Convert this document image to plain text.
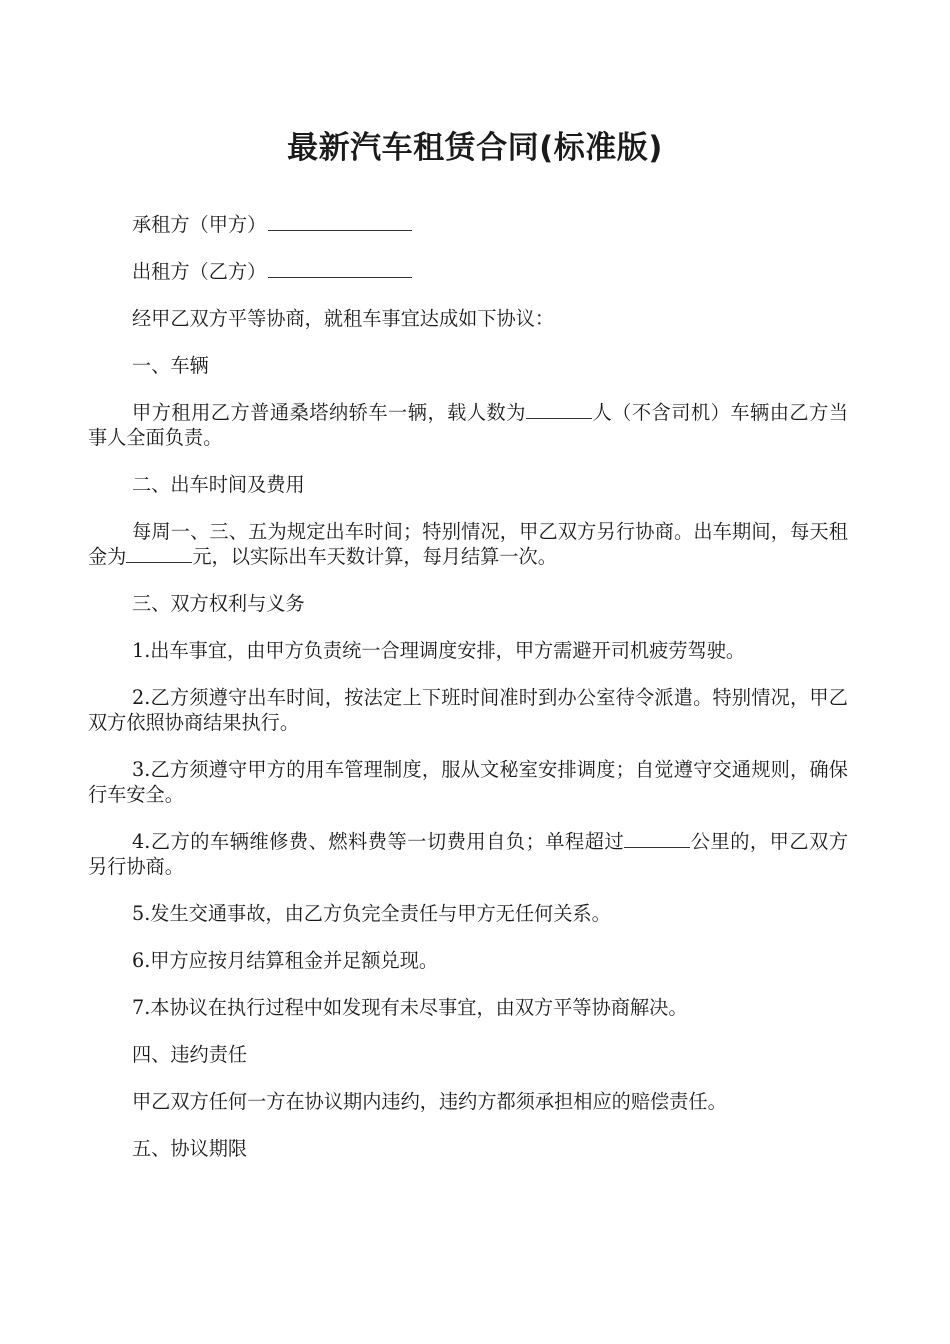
最新汽车租赁合同(标准版)

承租方（甲方）

出租方（乙方）

经甲乙双方平等协商，就租车事宜达成如下协议：

一、车辆

甲方租用乙方普通桑塔纳轿车一辆，载人数为	人（不含司机）车辆由乙方当事人全面负责。

二、出车时间及费用

每周一、三、五为规定出车时间；特别情况，甲乙双方另行协商。出车期间，每天租金为	元，以实际出车天数计算，每月结算一次。

三、双方权利与义务

1.出车事宜，由甲方负责统一合理调度安排，甲方需避开司机疲劳驾驶。

2.乙方须遵守出车时间，按法定上下班时间准时到办公室待令派遣。特别情况，甲乙双方依照协商结果执行。

3.乙方须遵守甲方的用车管理制度，服从文秘室安排调度；自觉遵守交通规则，确保行车安全。

4.乙方的车辆维修费、燃料费等一切费用自负；单程超过	公里的，甲乙双方另行协商。

5.发生交通事故，由乙方负完全责任与甲方无任何关系。

6.甲方应按月结算租金并足额兑现。

7.本协议在执行过程中如发现有未尽事宜，由双方平等协商解决。

四、违约责任

甲乙双方任何一方在协议期内违约，违约方都须承担相应的赔偿责任。

五、协议期限
